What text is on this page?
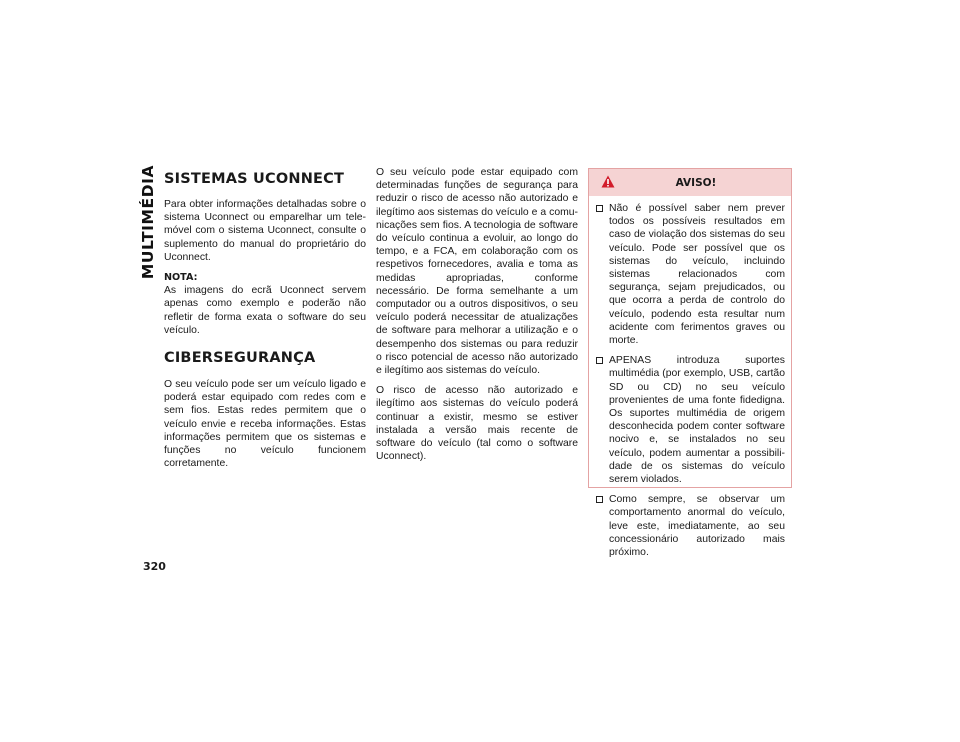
MULTIMÉDIA
320
SISTEMAS UCONNECT

Para obter informações detalhadas sobre o sistema Uconnect ou emparelhar um telemóvel com o sistema Uconnect, consulte o suplemento do manual do proprietário do Uconnect.

NOTA:
As imagens do ecrã Uconnect servem apenas como exemplo e poderão não refletir de forma exata o software do seu veículo.

CIBERSEGURANÇA

O seu veículo pode ser um veículo ligado e poderá estar equipado com redes com e sem fios. Estas redes permitem que o veículo envie e receba informações. Estas informações permitem que os sistemas e funções no veículo funcionem corretamente.

O seu veículo pode estar equipado com determinadas funções de segurança para reduzir o risco de acesso não autorizado e ilegítimo aos sistemas do veículo e a comunicações sem fios. A tecnologia de software do veículo continua a evoluir, ao longo do tempo, e a FCA, em colaboração com os respetivos fornecedores, avalia e toma as medidas apropriadas, conforme necessário. De forma semelhante a um computador ou a outros dispositivos, o seu veículo poderá necessitar de atualizações de software para melhorar a utilização e o desempenho dos sistemas ou para reduzir o risco potencial de acesso não autorizado e ilegítimo aos sistemas do veículo.

O risco de acesso não autorizado e ilegítimo aos sistemas do veículo poderá continuar a existir, mesmo se estiver instalada a versão mais recente de software do veículo (tal como o software Uconnect).

AVISO!
Não é possível saber nem prever todos os possíveis resultados em caso de violação dos sistemas do seu veículo. Pode ser possível que os sistemas do veículo, incluindo sistemas relacionados com segurança, sejam prejudicados, ou que ocorra a perda de controlo do veículo, podendo esta resultar num acidente com ferimentos graves ou morte.
APENAS introduza suportes multimédia (por exemplo, USB, cartão SD ou CD) no seu veículo provenientes de uma fonte fidedigna. Os suportes multimédia de origem desconhecida podem conter software nocivo e, se instalados no seu veículo, podem aumentar a possibilidade de os sistemas do veículo serem violados.
Como sempre, se observar um comportamento anormal do veículo, leve este, imediatamente, ao seu concessionário autorizado mais próximo.
